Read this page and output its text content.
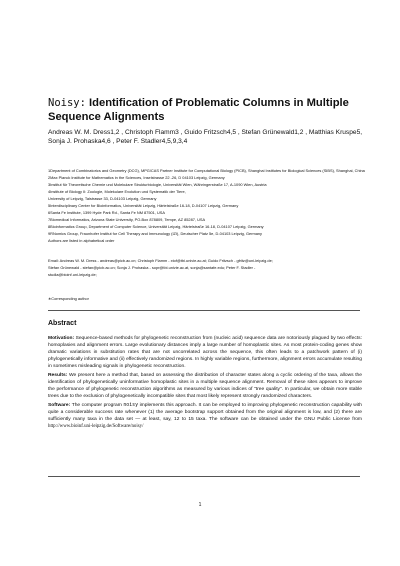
Noisy: Identification of Problematic Columns in Multiple Sequence Alignments
Andreas W. M. Dress1,2 , Christoph Flamm3 , Guido Fritzsch4,5 , Stefan Grünewald1,2 , Matthias Kruspe5, Sonja J. Prohaska4,6 , Peter F. Stadler4,5,9,3,4
1Department of Combinatorics and Geometry (DCG), MPG/CAS Partner Institute for Computational Biology (PICB), Shanghai Institutes for Biological Sciences (SIBS), Shanghai, China
2Max Planck Institute for Mathematics in the Sciences, Inselstrasse 22 -26, D 04103 Leipzig, Germany
3Institut für Theoretische Chemie und Molekulare Strukturbiologie, Universität Wien, Währingerstraße 17, A-1090 Wien, Austria
4Institute of Biology II: Zoologie, Molekulare Evolution und Systematik der Tiere,
University of Leipzig, Talstrasse 33, D-04103 Leipzig, Germany
5Interdisciplinary Center for Bioinformatics, Universität Leipzig, Härtelstraße 16-18, D-04107 Leipzig, Germany
6Santa Fe Institute, 1399 Hyde Park Rd., Santa Fe NM 87501, USA
7Biomedical Informatics, Arizona State University, PO-Box 878809, Tempe, AZ 85287, USA
8Bioinformatics Group, Department of Computer Science, Universität Leipzig, Härtelstraße 16-18, D-04107 Leipzig, Germany
9RNomics Group, Fraunhofer Institut for Cell Therapy and Immunology (IZI), Deutscher Platz 5e, D-04103 Leipzig, Germany
Authors are listed in alphabetical order
Email: Andreas W. M. Dress - andreas@picb.ac.cn; Christoph Flamm - xtof@tbi.univie.ac.at; Guido Fritzsch - gfritz@uni-leipzig.de;
Stefan Grünewald - stefan@picb.ac.cn; Sonja J. Prohaska - sopr@tbi.univie.ac.at, sonja@santafe.edu; Peter F. Stadler -
studla@bioinf.uni-leipzig.de;
∗Corresponding author
Abstract

Motivation: Sequence-based methods for phylogenetic reconstruction from (nucleic acid) sequence data are notoriously plagued by two effects: homoplasies and alignment errors. Large evolutionary distances imply a large number of homoplastic sites. As most protein-coding genes show dramatic variations in substitution rates that are not uncorrelated across the sequence, this often leads to a patchwork pattern of (i) phylogenetically informative and (ii) effectively randomized regions. In highly variable regions, furthermore, alignment errors accumulate resulting in sometimes misleading signals in phylogenetic reconstruction.

Results: We present here a method that, based on assessing the distribution of character states along a cyclic ordering of the taxa, allows the identification of phylogenetically uninformative homoplastic sites in a multiple sequence alignment. Removal of these sites appears to improve the performance of phylogenetic reconstruction algorithms as measured by various indices of “tree quality”. In particular, we obtain more stable trees due to the exclusion of phylogenetically incompatible sites that most likely represent strongly randomized characters.

Software: The computer program noisy implements this approach. It can be employed to improving phylogenetic reconstruction capability with quite a considerable success rate whenever (1) the average bootstrap support obtained from the original alignment is low, and (2) there are sufficiently many taxa in the data set — at least, say, 12 to 15 taxa. The software can be obtained under the GNU Public License from http://www.bioinf.uni-leipzig.de/Software/noisy/

1
